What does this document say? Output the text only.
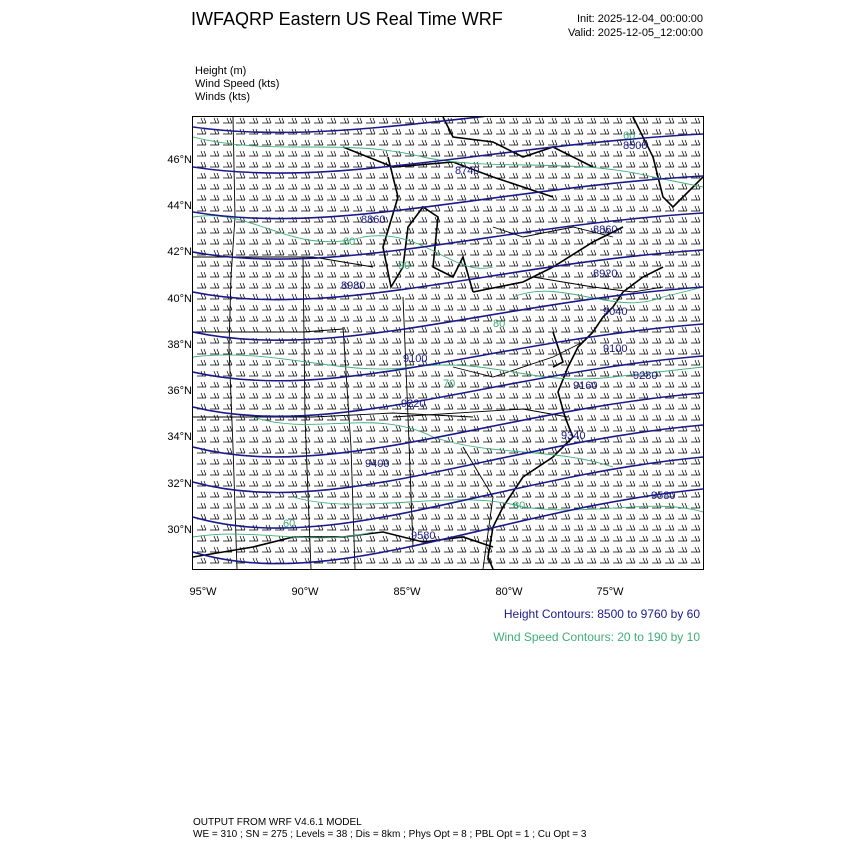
IWFAQRP Eastern US Real Time WRF	Init: 2025-12-04_00:00:00
Valid: 2025-12-05_12:00:00
Height (m)
Wind Speed (kts)
Winds (kts)
8500
8740
8860
8860
8920
8980
9040
9100
9100
9160
9220
9280
9340
9400
9580
9580
60
60
90
80
70
80
60
46°N
44°N
42°N
40°N
38°N
36°N
34°N
32°N
30°N
95°W	90°W	85°W	80°W	75°W
Height Contours: 8500 to 9760 by 60
Wind Speed Contours: 20 to 190 by 10
OUTPUT FROM WRF V4.6.1 MODEL
WE = 310 ; SN = 275 ; Levels = 38 ; Dis = 8km ; Phys Opt = 8 ; PBL Opt = 1 ; Cu Opt = 3
